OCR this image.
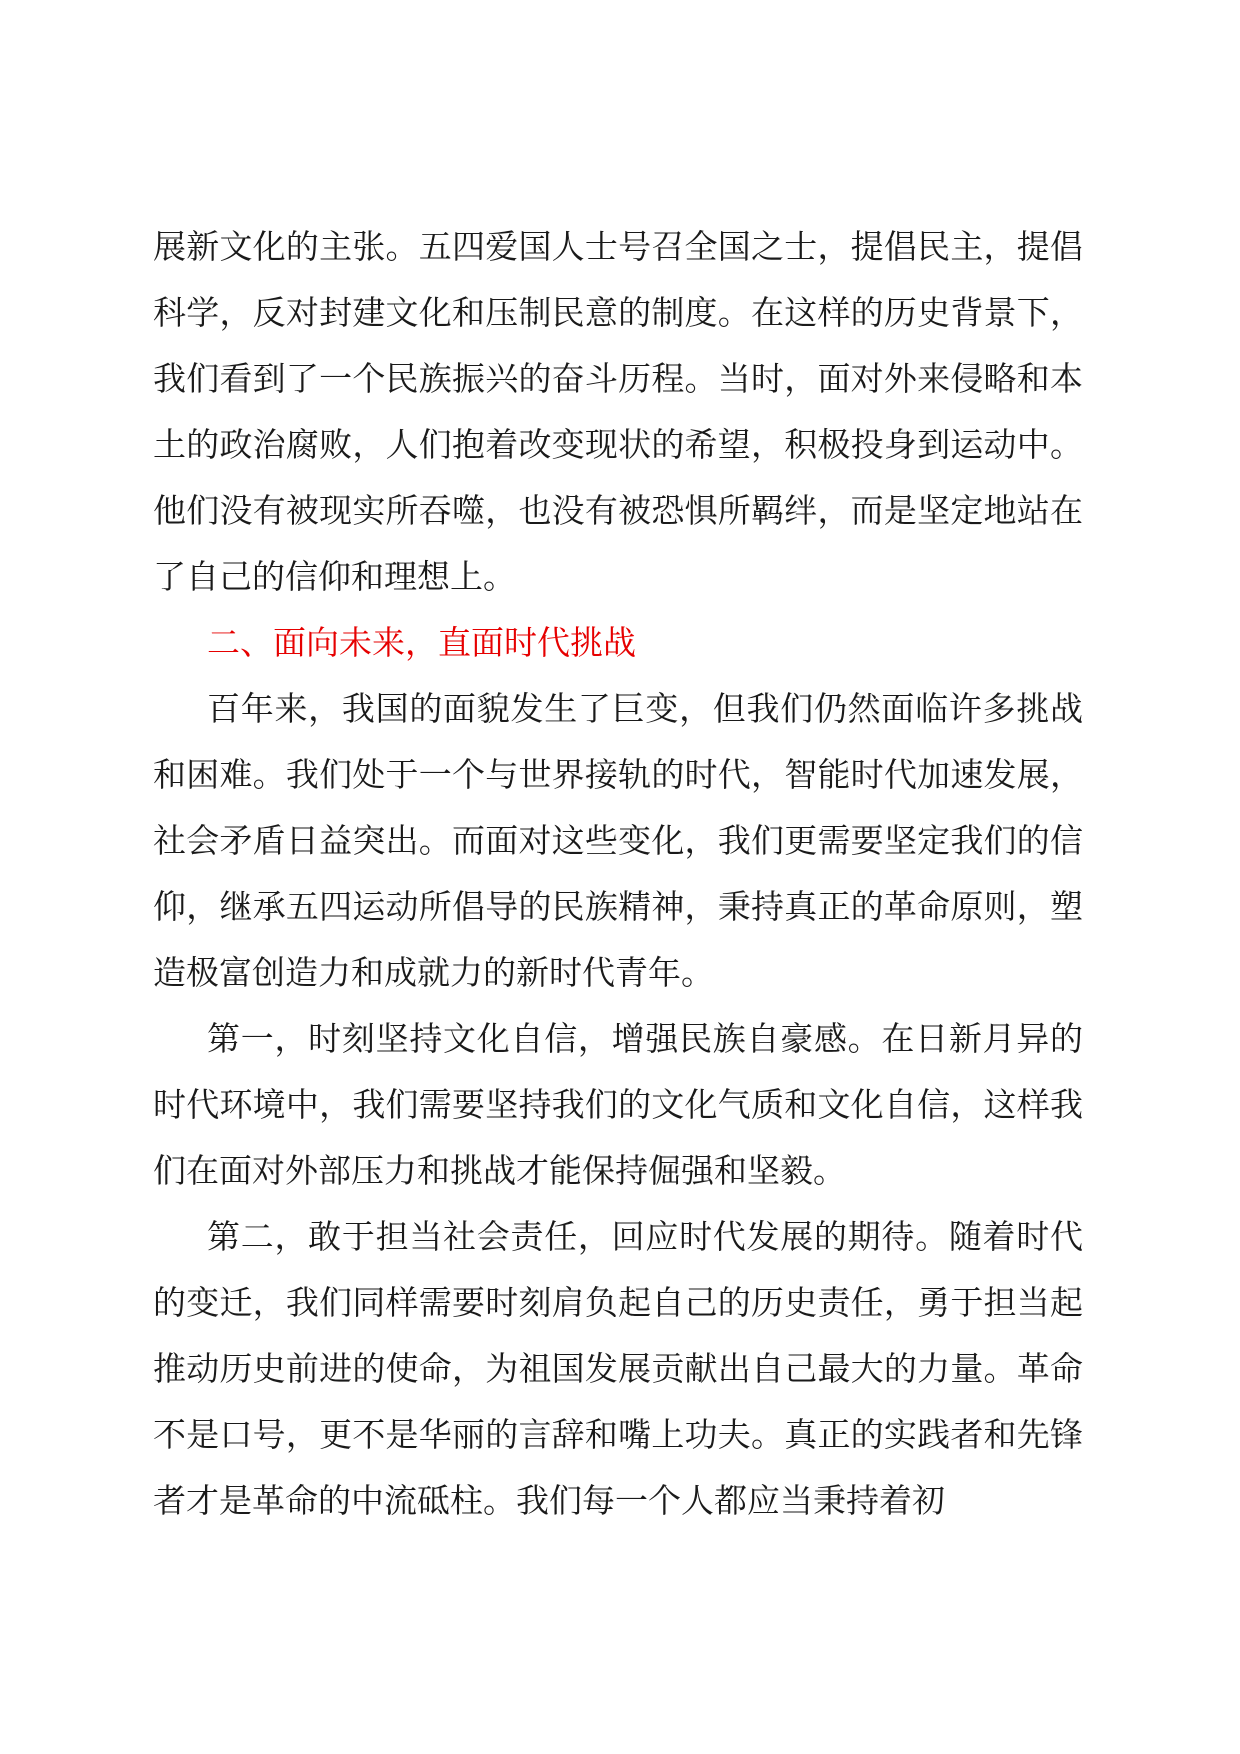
展新文化的主张。五四爱国人士号召全国之士，提倡民主，提倡科学，反对封建文化和压制民意的制度。在这样的历史背景下，我们看到了一个民族振兴的奋斗历程。当时，面对外来侵略和本土的政治腐败，人们抱着改变现状的希望，积极投身到运动中。他们没有被现实所吞噬，也没有被恐惧所羁绊，而是坚定地站在了自己的信仰和理想上。

二、面向未来，直面时代挑战

百年来，我国的面貌发生了巨变，但我们仍然面临许多挑战和困难。我们处于一个与世界接轨的时代，智能时代加速发展，社会矛盾日益突出。而面对这些变化，我们更需要坚定我们的信仰，继承五四运动所倡导的民族精神，秉持真正的革命原则，塑造极富创造力和成就力的新时代青年。

第一，时刻坚持文化自信，增强民族自豪感。在日新月异的时代环境中，我们需要坚持我们的文化气质和文化自信，这样我们在面对外部压力和挑战才能保持倔强和坚毅。

第二，敢于担当社会责任，回应时代发展的期待。随着时代的变迁，我们同样需要时刻肩负起自己的历史责任，勇于担当起推动历史前进的使命，为祖国发展贡献出自己最大的力量。革命不是口号，更不是华丽的言辞和嘴上功夫。真正的实践者和先锋者才是革命的中流砥柱。我们每一个人都应当秉持着初
